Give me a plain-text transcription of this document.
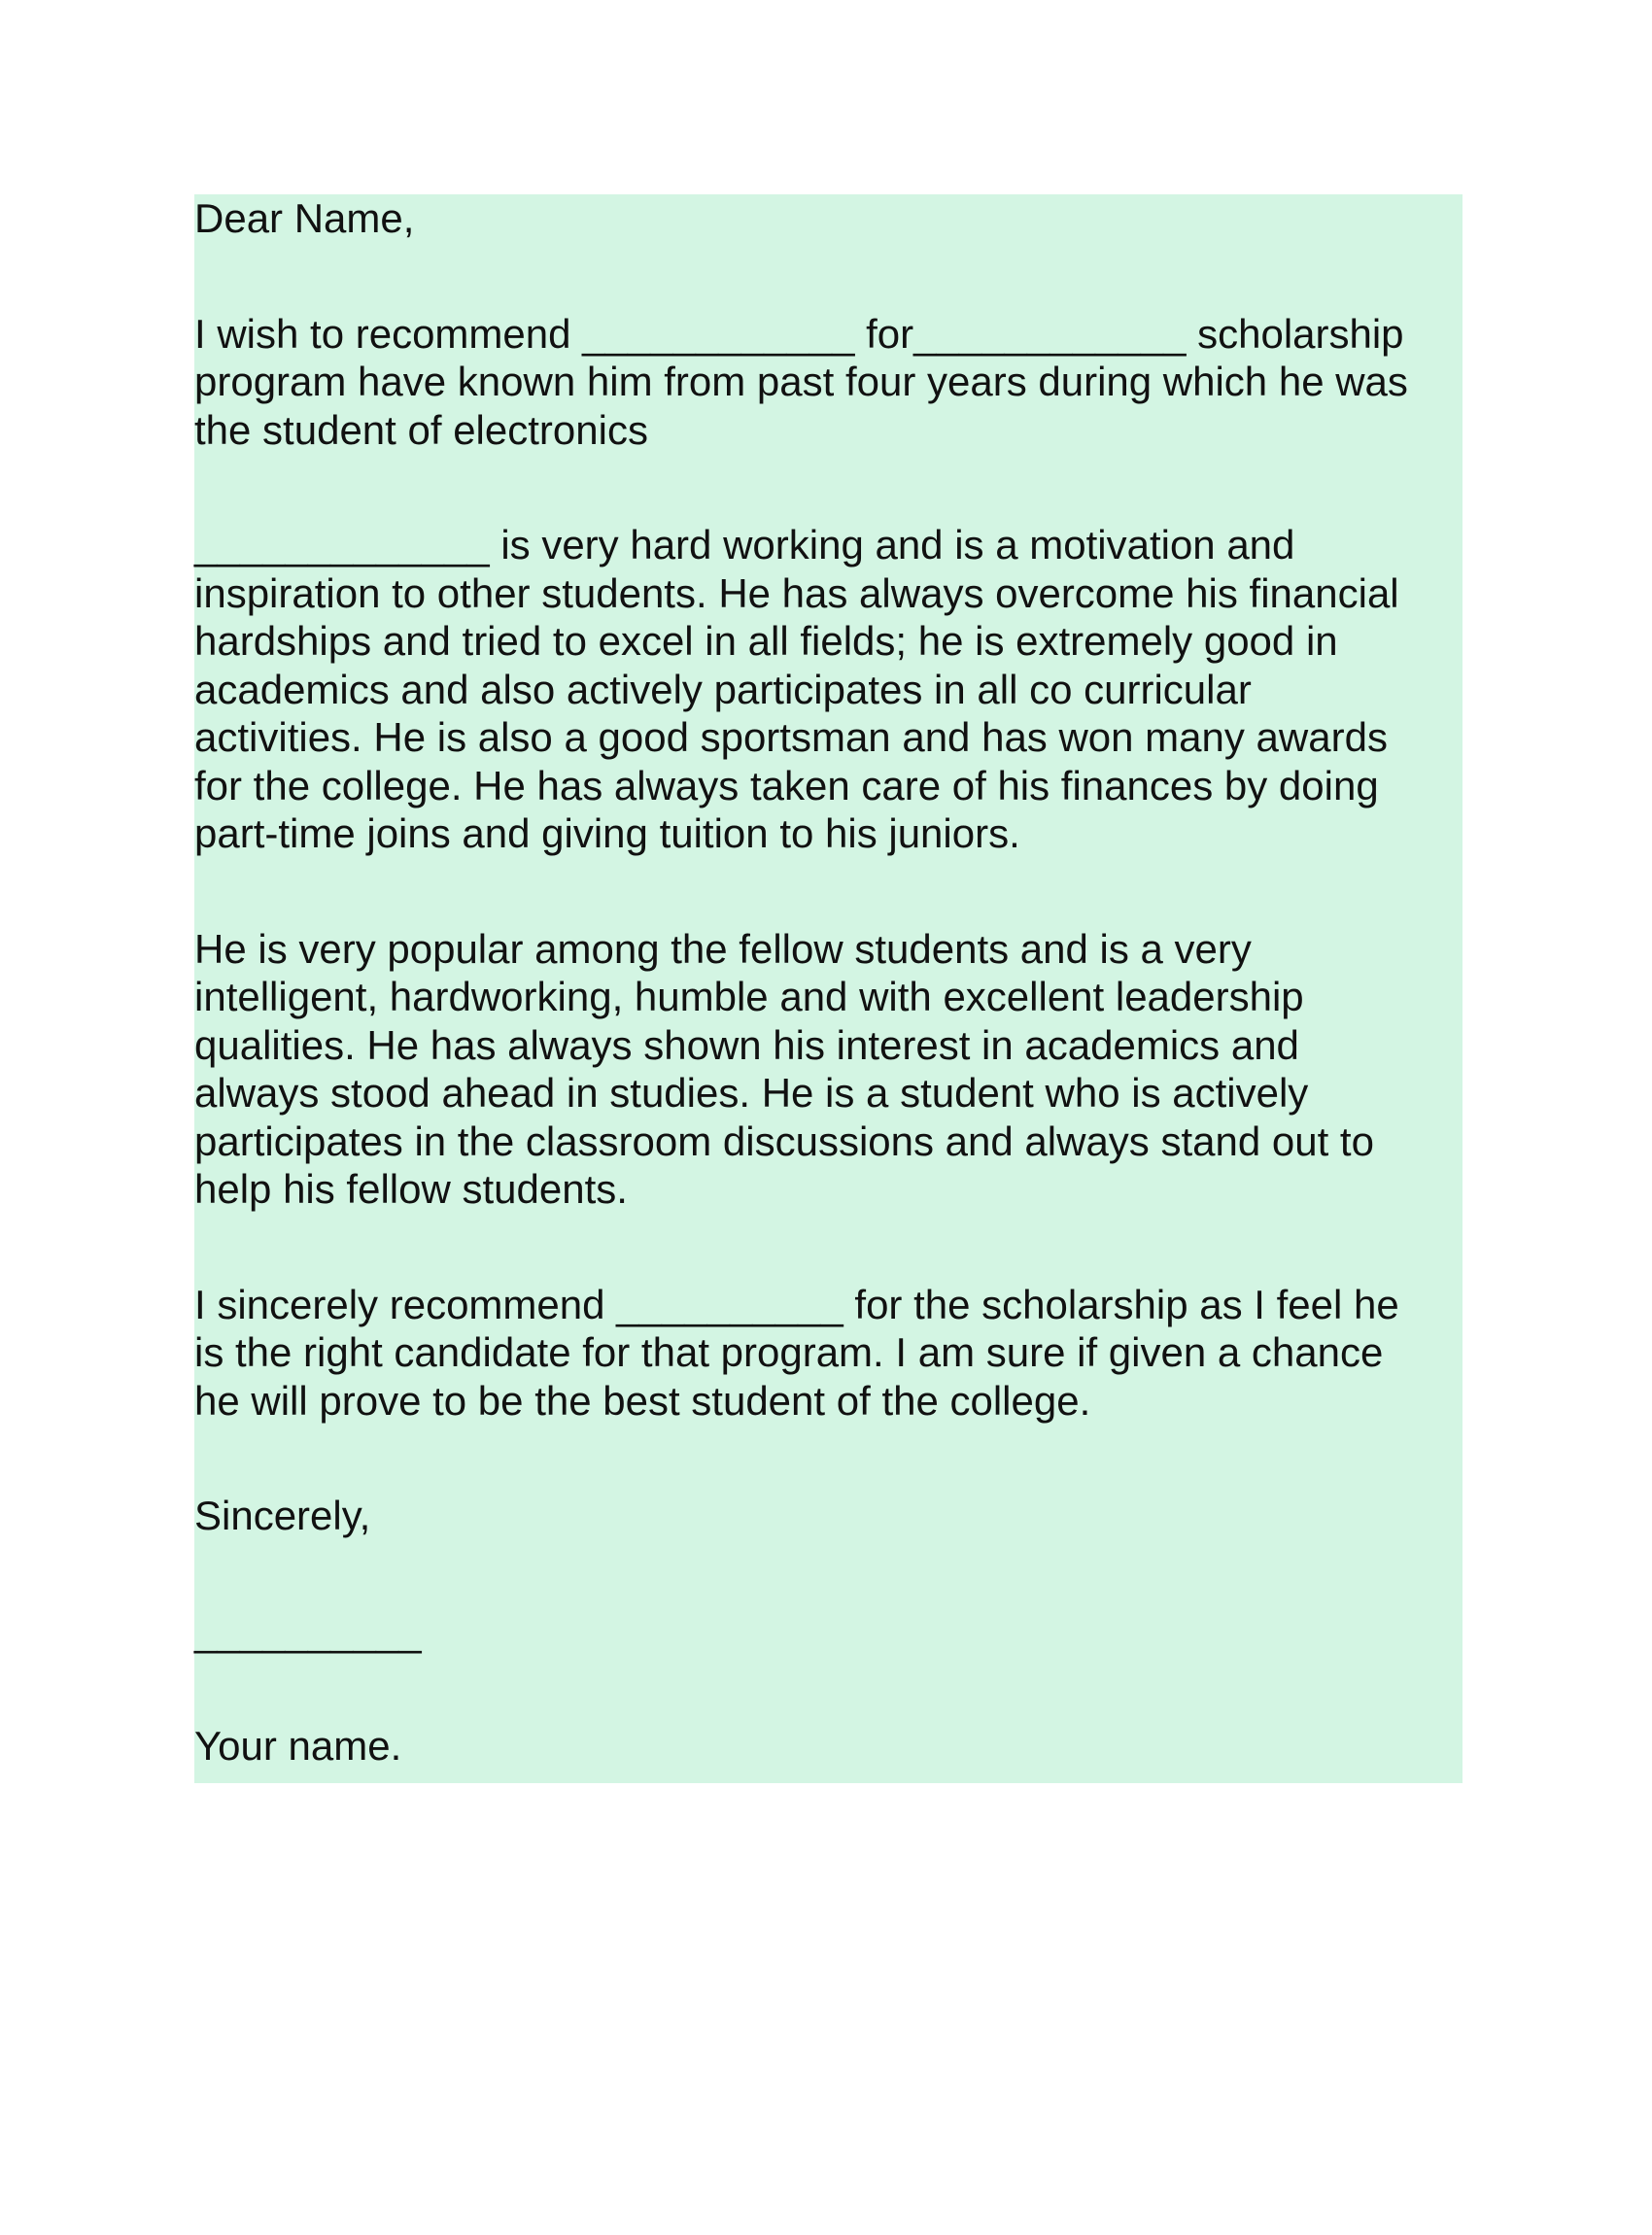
Dear Name,

I wish to recommend ____________ for____________ scholarship
program have known him from past four years during which he was
the student of electronics
_____________ is very hard working and is a motivation and
inspiration to other students. He has always overcome his financial
hardships and tried to excel in all fields; he is extremely good in
academics and also actively participates in all co curricular
activities. He is also a good sportsman and has won many awards
for the college. He has always taken care of his finances by doing
part-time joins and giving tuition to his juniors.
He is very popular among the fellow students and is a very
intelligent, hardworking, humble and with excellent leadership
qualities. He has always shown his interest in academics and
always stood ahead in studies. He is a student who is actively
participates in the classroom discussions and always stand out to
help his fellow students.
I sincerely recommend __________ for the scholarship as I feel he
is the right candidate for that program. I am sure if given a chance
he will prove to be the best student of the college.

Sincerely,

__________

Your name.
